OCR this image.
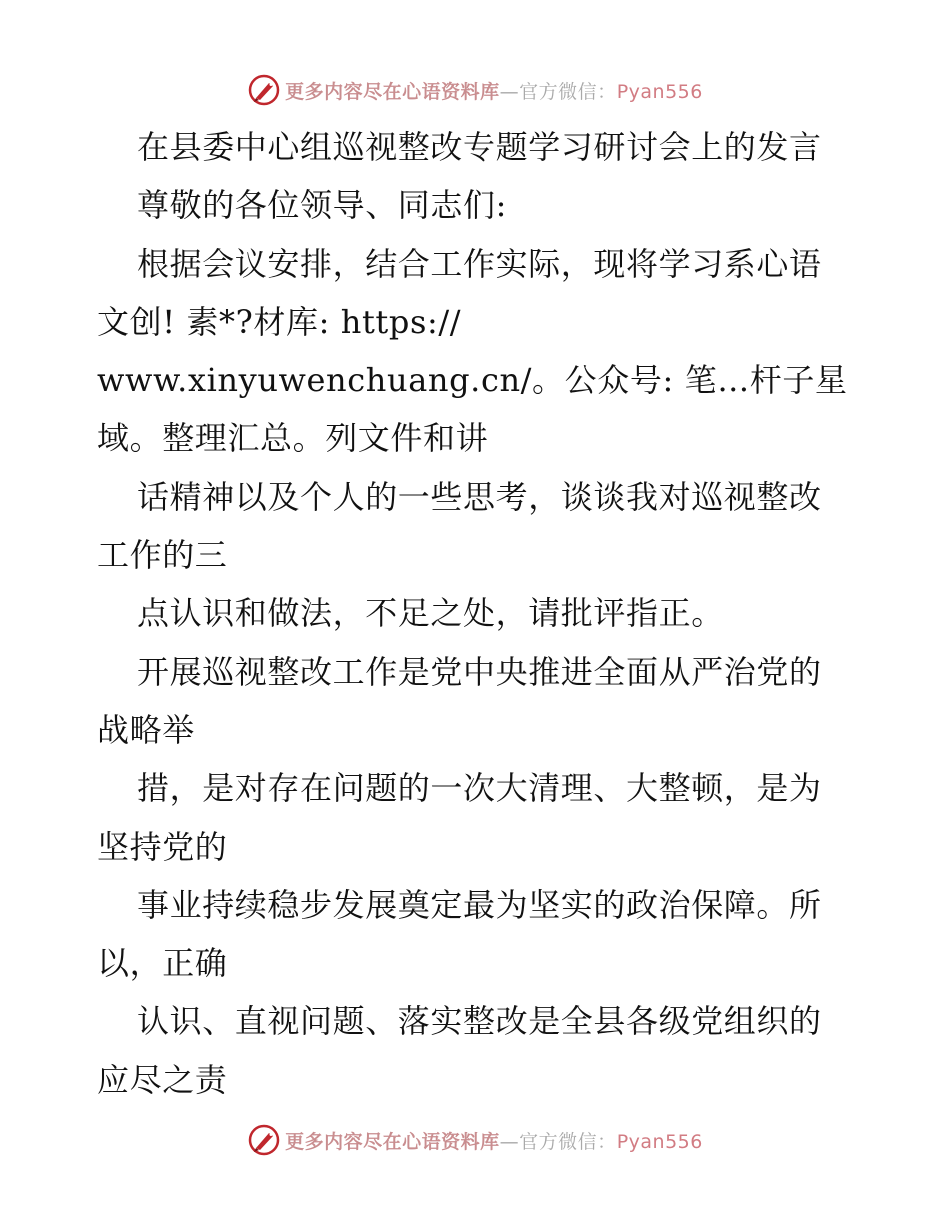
更多内容尽在心语资料库—官方微信：Pyan556
在县委中心组巡视整改专题学习研讨会上的发言
尊敬的各位领导、同志们:
根据会议安排，结合工作实际，现将学习系心语
文创! 素*?材库: https://
www.xinyuwenchuang.cn/。公众号: 笔…杆子星
域。整理汇总。列文件和讲
话精神以及个人的一些思考，谈谈我对巡视整改
工作的三
点认识和做法，不足之处，请批评指正。
开展巡视整改工作是党中央推进全面从严治党的
战略举
措，是对存在问题的一次大清理、大整顿，是为
坚持党的
事业持续稳步发展奠定最为坚实的政治保障。所
以，正确
认识、直视问题、落实整改是全县各级党组织的
应尽之责
更多内容尽在心语资料库—官方微信：Pyan556
